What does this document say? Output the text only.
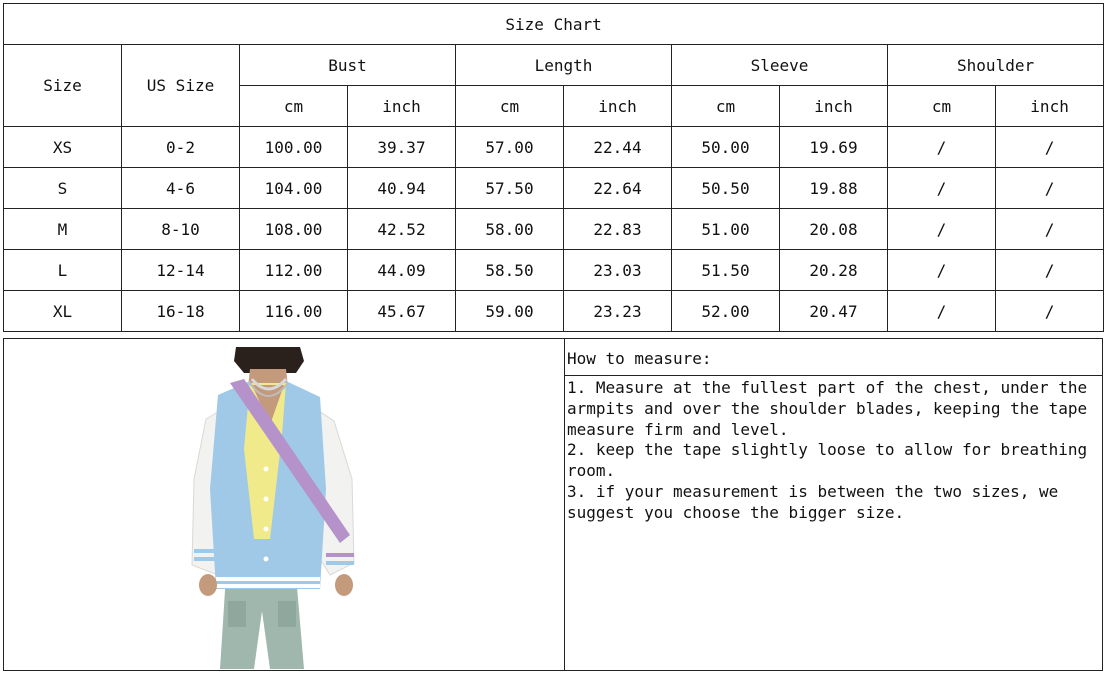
Size Chart									
Size	US Size	Bust		Length		Sleeve		Shoulder	
		cm	inch	cm	inch	cm	inch	cm	inch
XS	0-2	100.00	39.37	57.00	22.44	50.00	19.69	/	/
S	4-6	104.00	40.94	57.50	22.64	50.50	19.88	/	/
M	8-10	108.00	42.52	58.00	22.83	51.00	20.08	/	/
L	12-14	112.00	44.09	58.50	23.03	51.50	20.28	/	/
XL	16-18	116.00	45.67	59.00	23.23	52.00	20.47	/	/
How to measure:
1. Measure at the fullest part of the chest, under the armpits and over the shoulder blades, keeping the tape measure firm and level.
2. keep the tape slightly loose to allow for breathing room.
3. if your measurement is between the two sizes, we suggest you choose the bigger size.
